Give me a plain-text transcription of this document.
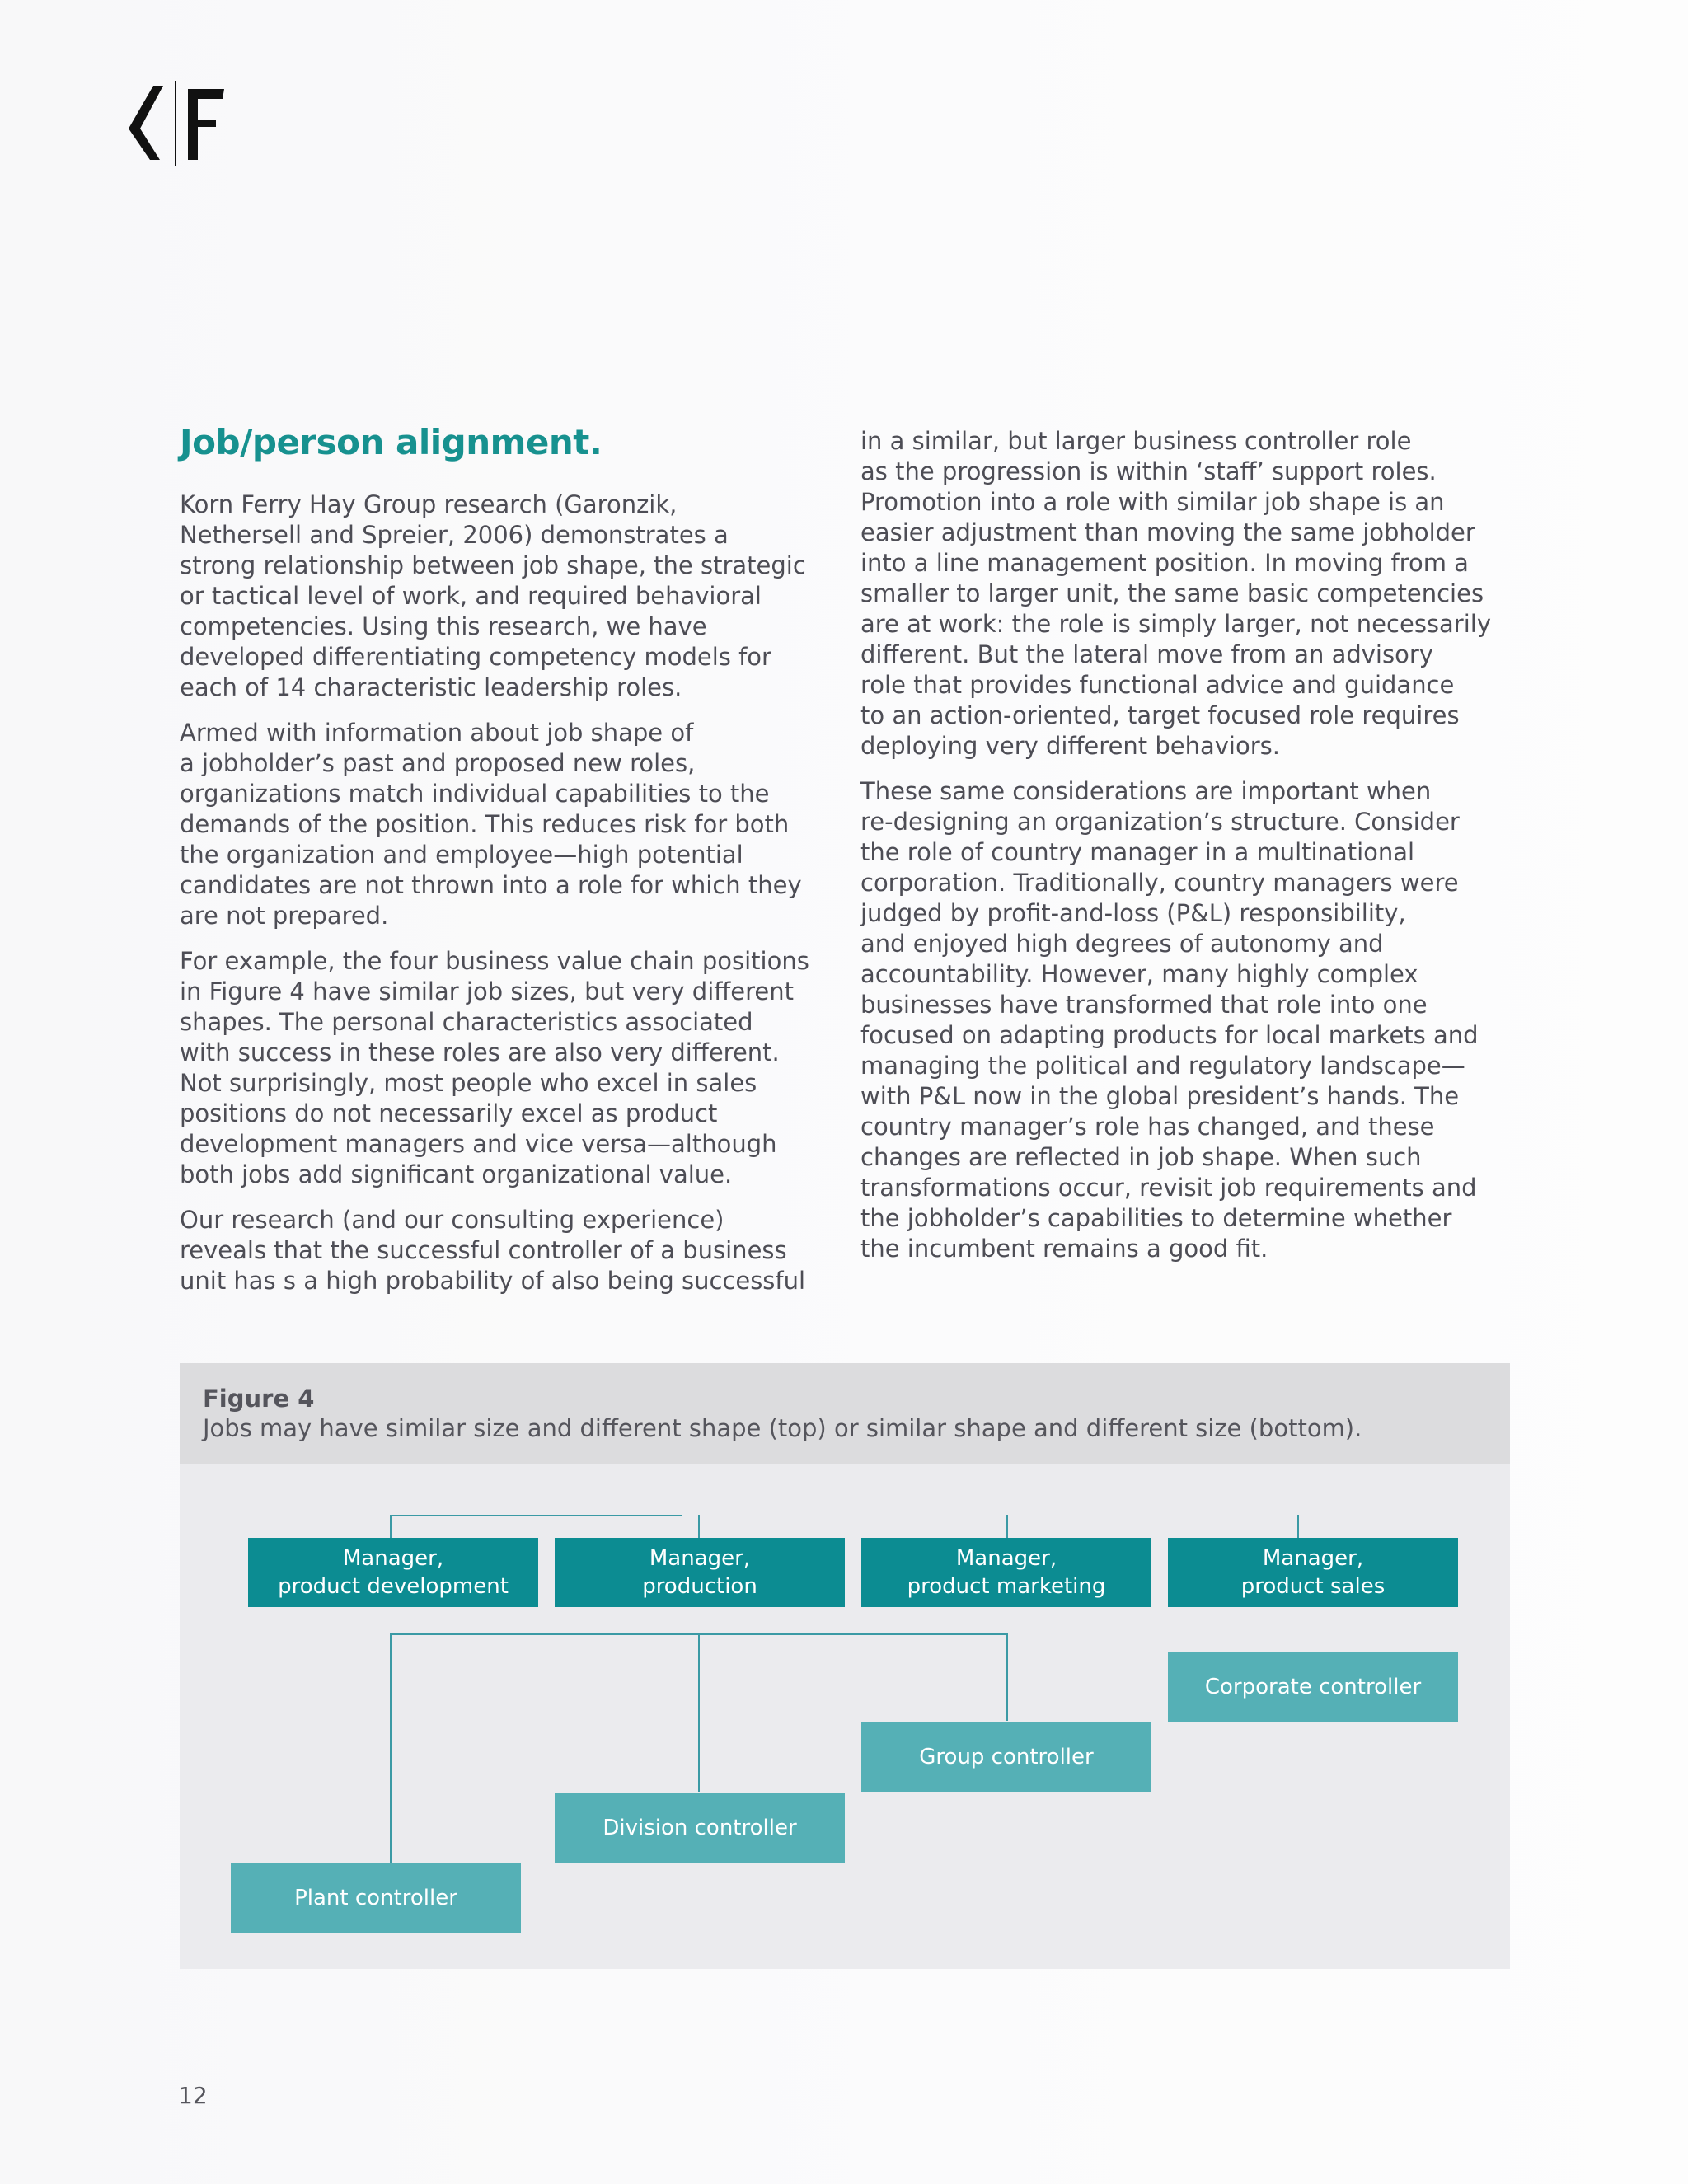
Job/person alignment.

Korn Ferry Hay Group research (Garonzik,
Nethersell and Spreier, 2006) demonstrates a
strong relationship between job shape, the strategic
or tactical level of work, and required behavioral
competencies. Using this research, we have
developed differentiating competency models for
each of 14 characteristic leadership roles.

Armed with information about job shape of
a jobholder’s past and proposed new roles,
organizations match individual capabilities to the
demands of the position. This reduces risk for both
the organization and employee—high potential
candidates are not thrown into a role for which they
are not prepared.

For example, the four business value chain positions
in Figure 4 have similar job sizes, but very different
shapes. The personal characteristics associated
with success in these roles are also very different.
Not surprisingly, most people who excel in sales
positions do not necessarily excel as product
development managers and vice versa—although
both jobs add significant organizational value.

Our research (and our consulting experience)
reveals that the successful controller of a business
unit has s a high probability of also being successful

in a similar, but larger business controller role
as the progression is within ‘staff’ support roles.
Promotion into a role with similar job shape is an
easier adjustment than moving the same jobholder
into a line management position. In moving from a
smaller to larger unit, the same basic competencies
are at work: the role is simply larger, not necessarily
different. But the lateral move from an advisory
role that provides functional advice and guidance
to an action-oriented, target focused role requires
deploying very different behaviors.

These same considerations are important when
re-designing an organization’s structure. Consider
the role of country manager in a multinational
corporation. Traditionally, country managers were
judged by profit-and-loss (P&L) responsibility,
and enjoyed high degrees of autonomy and
accountability. However, many highly complex
businesses have transformed that role into one
focused on adapting products for local markets and
managing the political and regulatory landscape—
with P&L now in the global president’s hands. The
country manager’s role has changed, and these
changes are reflected in job shape. When such
transformations occur, revisit job requirements and
the jobholder’s capabilities to determine whether
the incumbent remains a good fit.

Figure 4

Jobs may have similar size and different shape (top) or similar shape and different size (bottom).

Manager,
product development
Manager,
production
Manager,
product marketing
Manager,
product sales
Corporate controller
Group controller
Division controller
Plant controller
12
